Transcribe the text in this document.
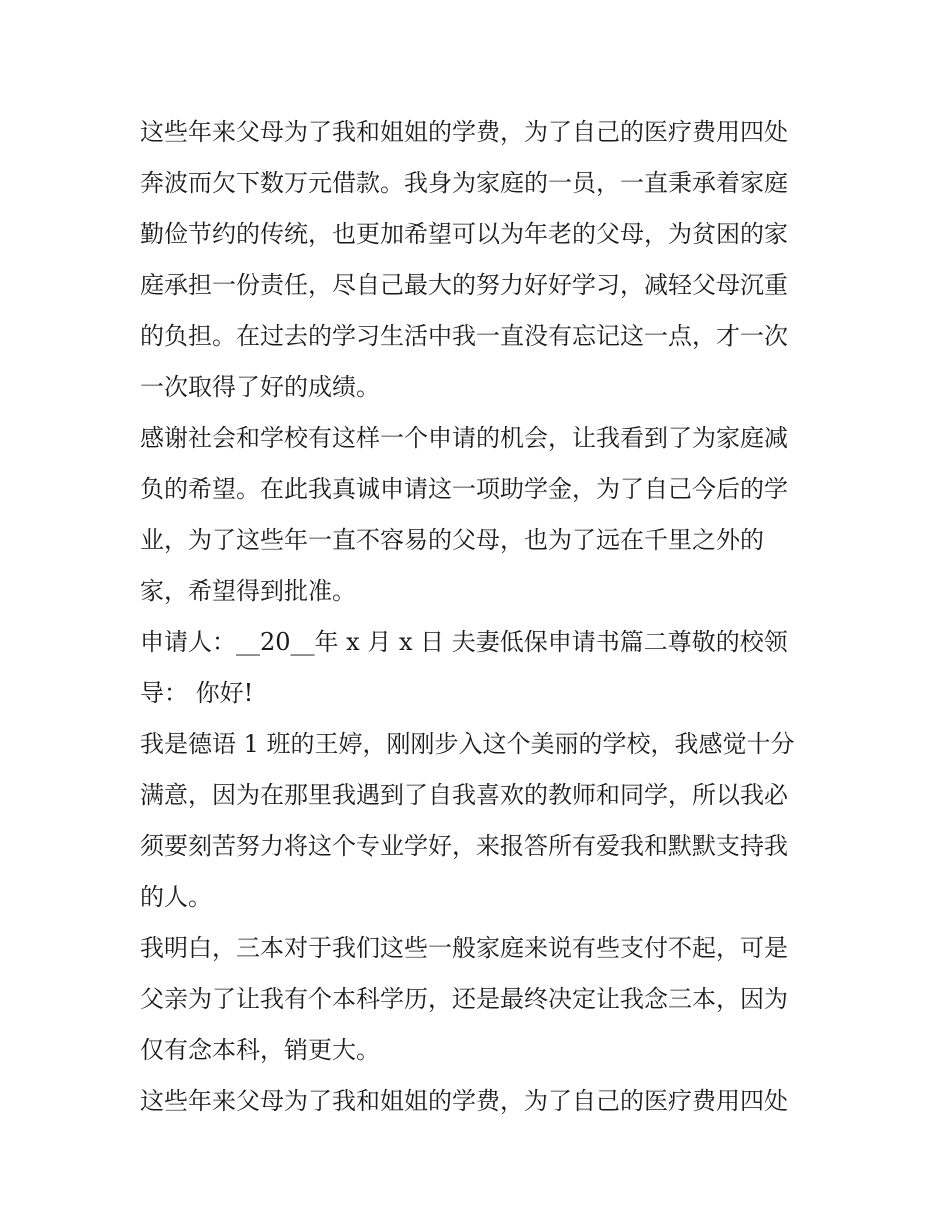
这些年来父母为了我和姐姐的学费，为了自己的医疗费用四处
奔波而欠下数万元借款。我身为家庭的一员，一直秉承着家庭
勤俭节约的传统，也更加希望可以为年老的父母，为贫困的家
庭承担一份责任，尽自己最大的努力好好学习，减轻父母沉重
的负担。在过去的学习生活中我一直没有忘记这一点，才一次
一次取得了好的成绩。
感谢社会和学校有这样一个申请的机会，让我看到了为家庭减
负的希望。在此我真诚申请这一项助学金，为了自己今后的学
业，为了这些年一直不容易的父母，也为了远在千里之外的
家，希望得到批准。
申请人：__20__年 x 月 x 日 夫妻低保申请书篇二尊敬的校领
导： 你好!
我是德语 1 班的王婷，刚刚步入这个美丽的学校，我感觉十分
满意，因为在那里我遇到了自我喜欢的教师和同学，所以我必
须要刻苦努力将这个专业学好，来报答所有爱我和默默支持我
的人。
我明白，三本对于我们这些一般家庭来说有些支付不起，可是
父亲为了让我有个本科学历，还是最终决定让我念三本，因为
仅有念本科，销更大。
这些年来父母为了我和姐姐的学费，为了自己的医疗费用四处
